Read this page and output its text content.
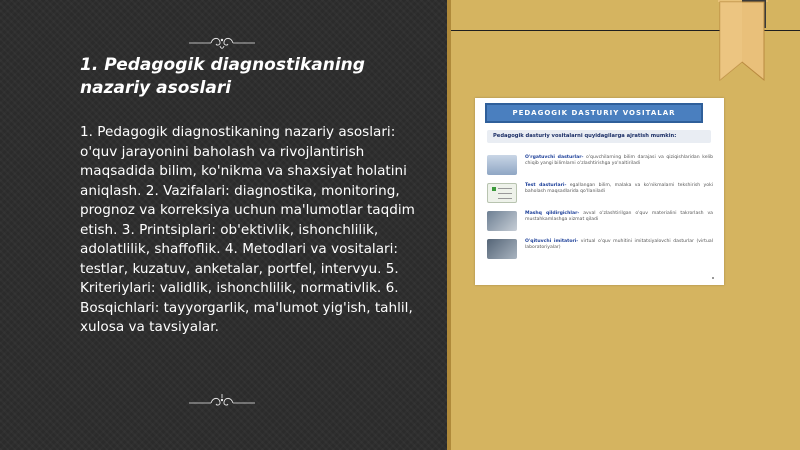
1. Pedagogik diagnostikaning nazariy asoslari

1. Pedagogik diagnostikaning nazariy asoslari: o'quv jarayonini baholash va rivojlantirish maqsadida bilim, ko'nikma va shaxsiyat holatini aniqlash. 2. Vazifalari: diagnostika, monitoring, prognoz va korreksiya uchun ma'lumotlar taqdim etish. 3. Printsiplari: ob'ektivlik, ishonchlilik, adolatlilik, shaffoflik. 4. Metodlari va vositalari: testlar, kuzatuv, anketalar, portfel, intervyu. 5. Kriteriylari: validlik, ishonchlilik, normativlik. 6. Bosqichlari: tayyorgarlik, ma'lumot yig'ish, tahlil, xulosa va tavsiyalar.

PEDAGOGIK DASTURIY VOSITALAR
Pedagogik dasturiy vositalarni quyidagilarga ajratish mumkin:
O'rgatuvchi dasturlar- o'quvchilarning bilim darajasi va qiziqishlaridan kelib chiqib yangi bilimlarni o'zlashtirishga yo'naltiriladi
Test dasturlari- egallangan bilim, malaka va ko'nikmalarni tekshirish yoki baholash maqsadlarida qo'llaniladi
Mashq qildirgichlar- avval o'zlashtirilgan o'quv materialini takrorlash va mustahkamlashga xizmat qiladi
O'qituvchi imitatori- virtual o'quv muhitini imitatsiyalovchi dasturlar (virtual laboratoriyalar)
